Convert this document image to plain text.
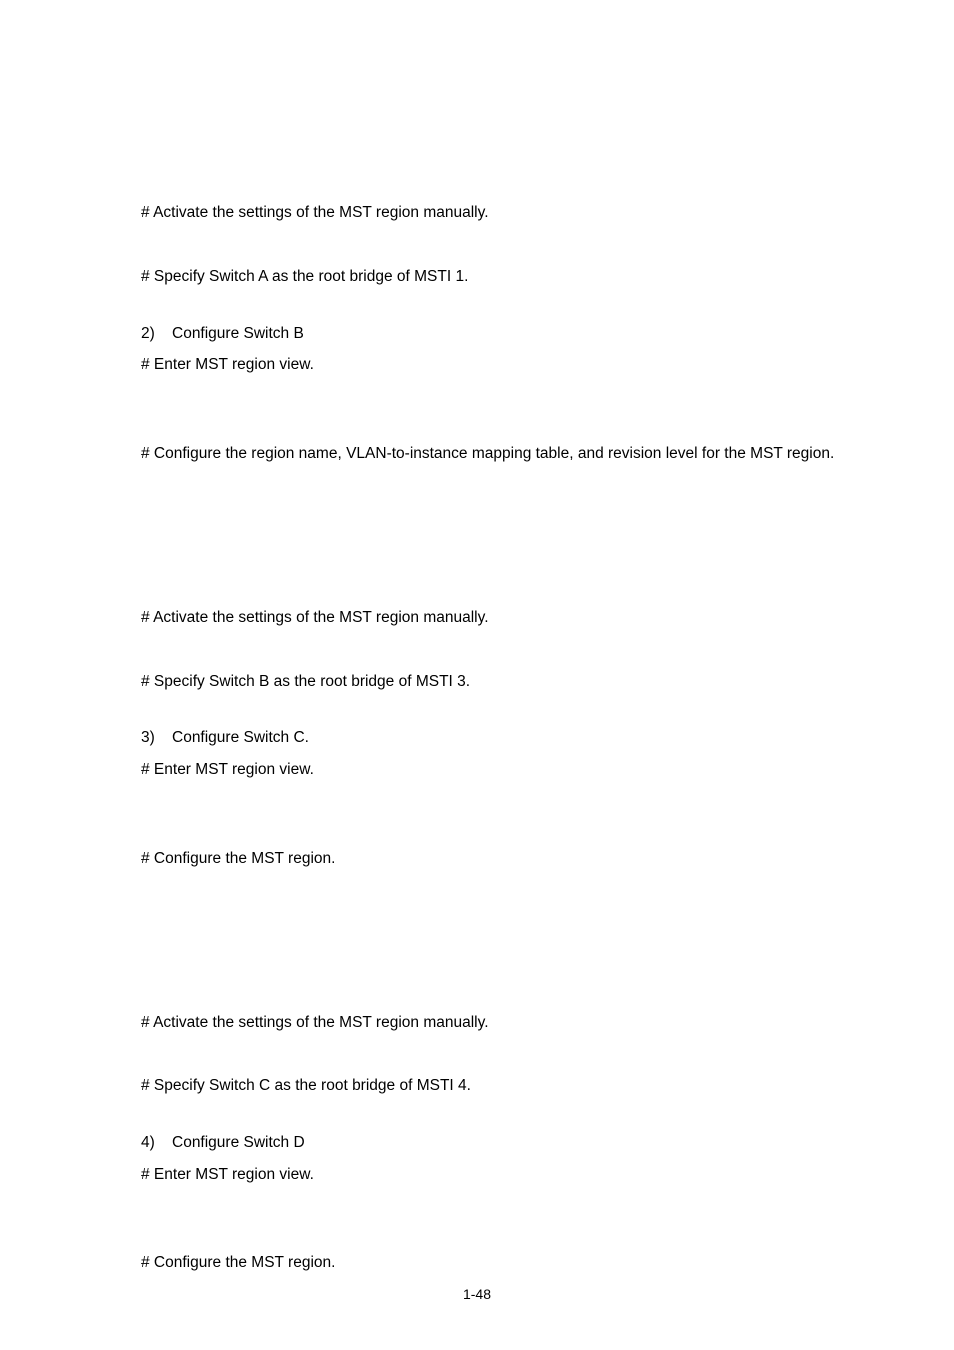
# Activate the settings of the MST region manually.
# Specify Switch A as the root bridge of MSTI 1.
2) Configure Switch B
# Enter MST region view.
# Configure the region name, VLAN-to-instance mapping table, and revision level for the MST region.
# Activate the settings of the MST region manually.
# Specify Switch B as the root bridge of MSTI 3.
3) Configure Switch C.
# Enter MST region view.
# Configure the MST region.
# Activate the settings of the MST region manually.
# Specify Switch C as the root bridge of MSTI 4.
4) Configure Switch D
# Enter MST region view.
# Configure the MST region.
1-48
